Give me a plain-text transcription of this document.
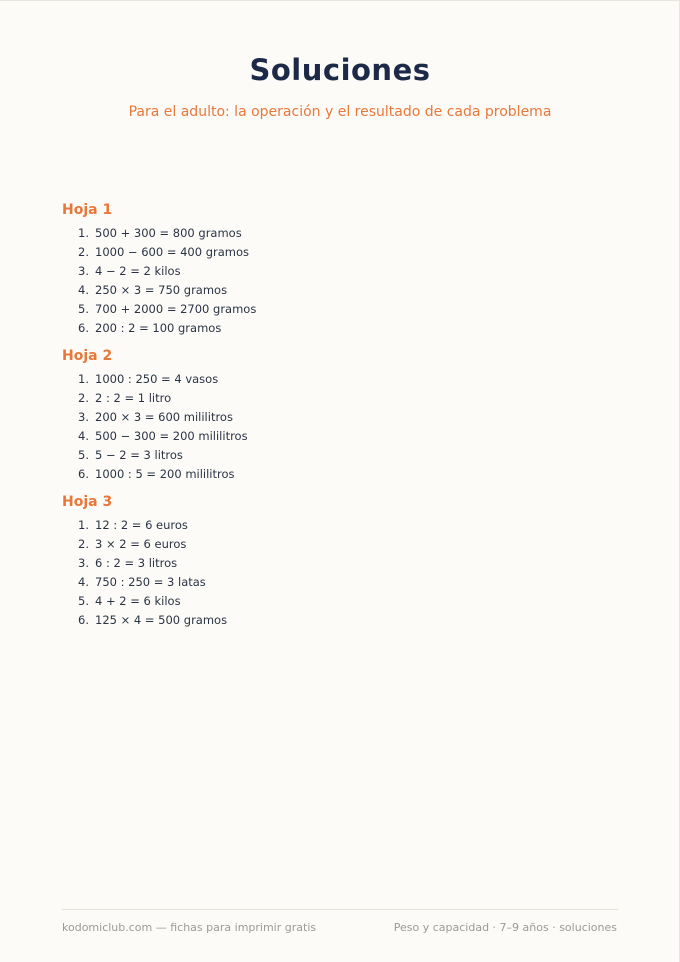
Soluciones

Para el adulto: la operación y el resultado de cada problema

Hoja 1
1. 500 + 300 = 800 gramos
2. 1000 − 600 = 400 gramos
3. 4 − 2 = 2 kilos
4. 250 × 3 = 750 gramos
5. 700 + 2000 = 2700 gramos
6. 200 : 2 = 100 gramos
Hoja 2
1. 1000 : 250 = 4 vasos
2. 2 : 2 = 1 litro
3. 200 × 3 = 600 mililitros
4. 500 − 300 = 200 mililitros
5. 5 − 2 = 3 litros
6. 1000 : 5 = 200 mililitros
Hoja 3
1. 12 : 2 = 6 euros
2. 3 × 2 = 6 euros
3. 6 : 2 = 3 litros
4. 750 : 250 = 3 latas
5. 4 + 2 = 6 kilos
6. 125 × 4 = 500 gramos
kodomiclub.com — fichas para imprimir gratis	Peso y capacidad · 7–9 años · soluciones
